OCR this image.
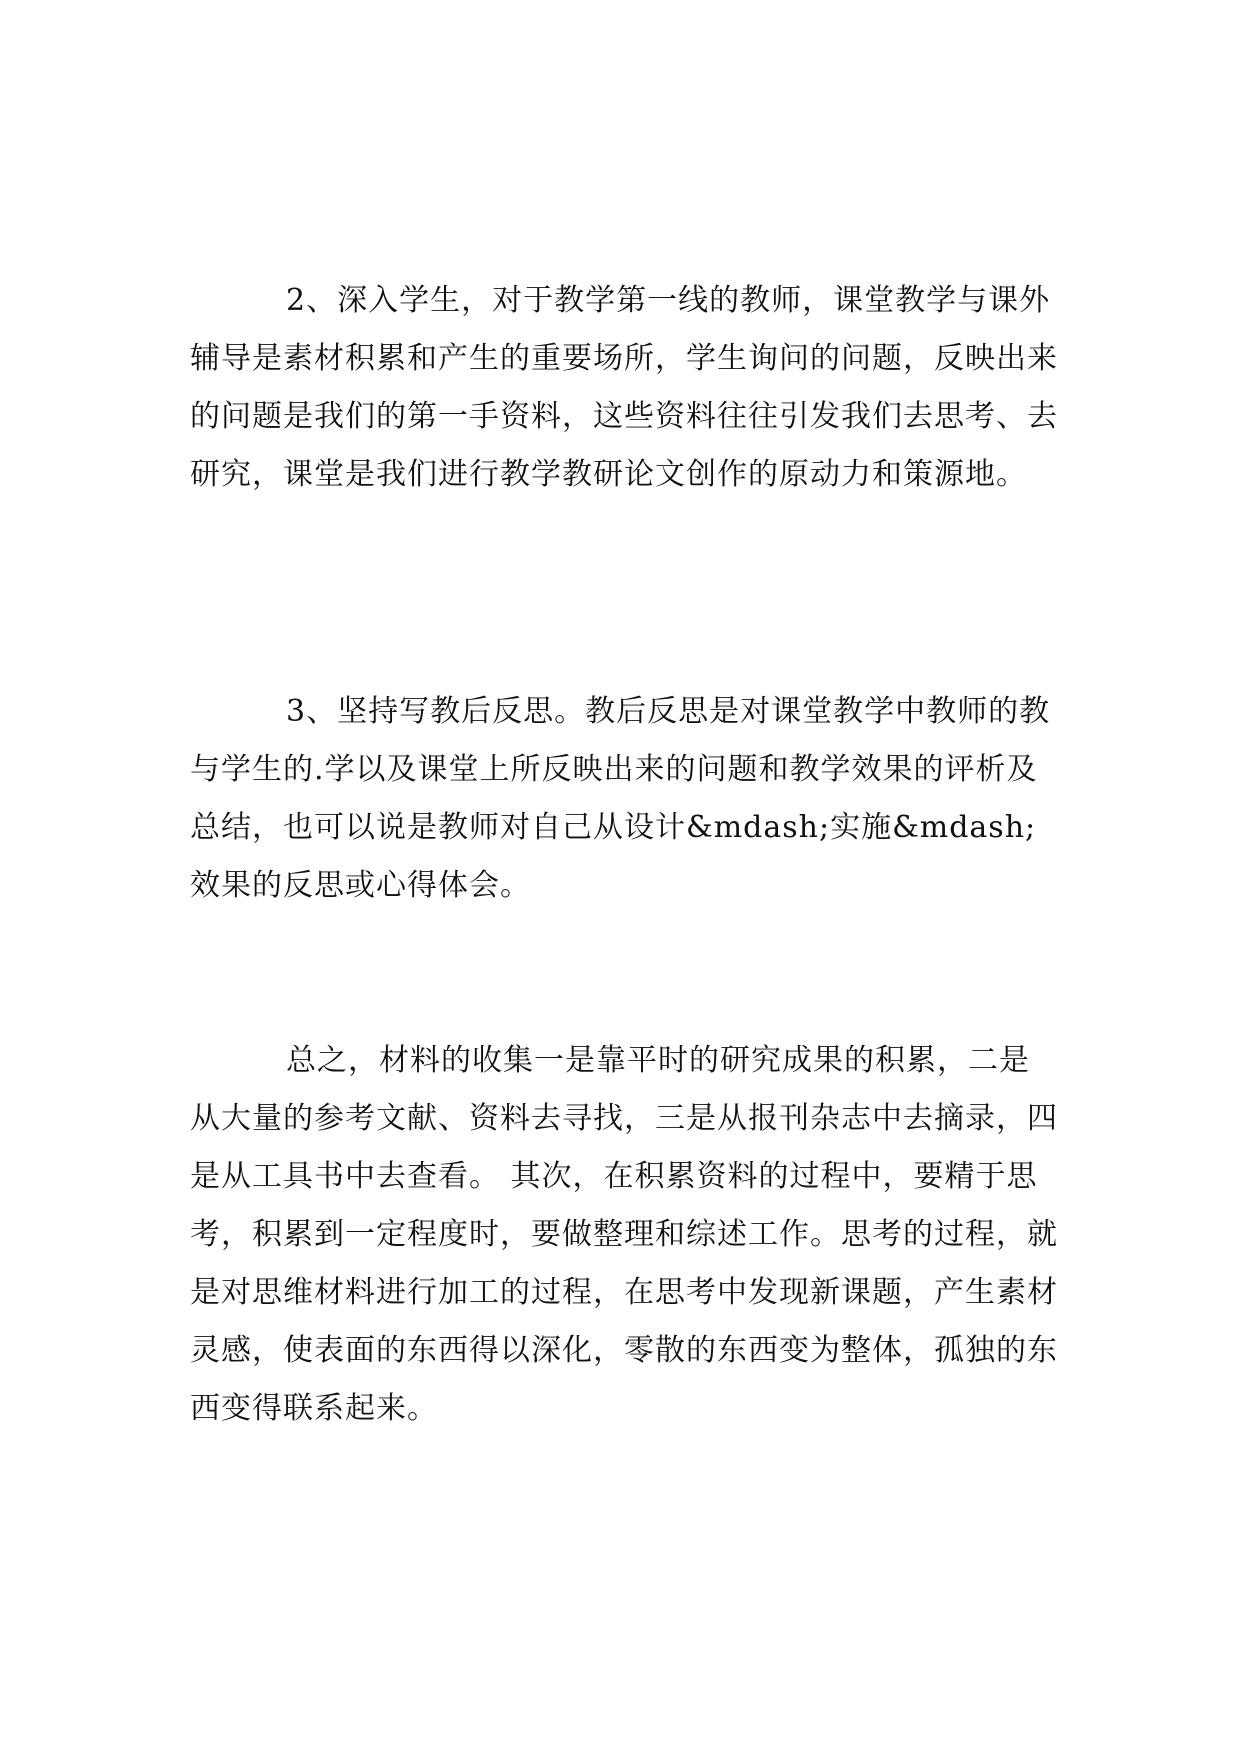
2、深入学生，对于教学第一线的教师，课堂教学与课外辅导是素材积累和产生的重要场所，学生询问的问题，反映出来的问题是我们的第一手资料，这些资料往往引发我们去思考、去研究，课堂是我们进行教学教研论文创作的原动力和策源地。

3、坚持写教后反思。教后反思是对课堂教学中教师的教与学生的.学以及课堂上所反映出来的问题和教学效果的评析及总结，也可以说是教师对自己从设计&mdash;实施&mdash;效果的反思或心得体会。

总之，材料的收集一是靠平时的研究成果的积累，二是从大量的参考文献、资料去寻找，三是从报刊杂志中去摘录，四是从工具书中去查看。 其次，在积累资料的过程中，要精于思考，积累到一定程度时，要做整理和综述工作。思考的过程，就是对思维材料进行加工的过程，在思考中发现新课题，产生素材灵感，使表面的东西得以深化，零散的东西变为整体，孤独的东西变得联系起来。
